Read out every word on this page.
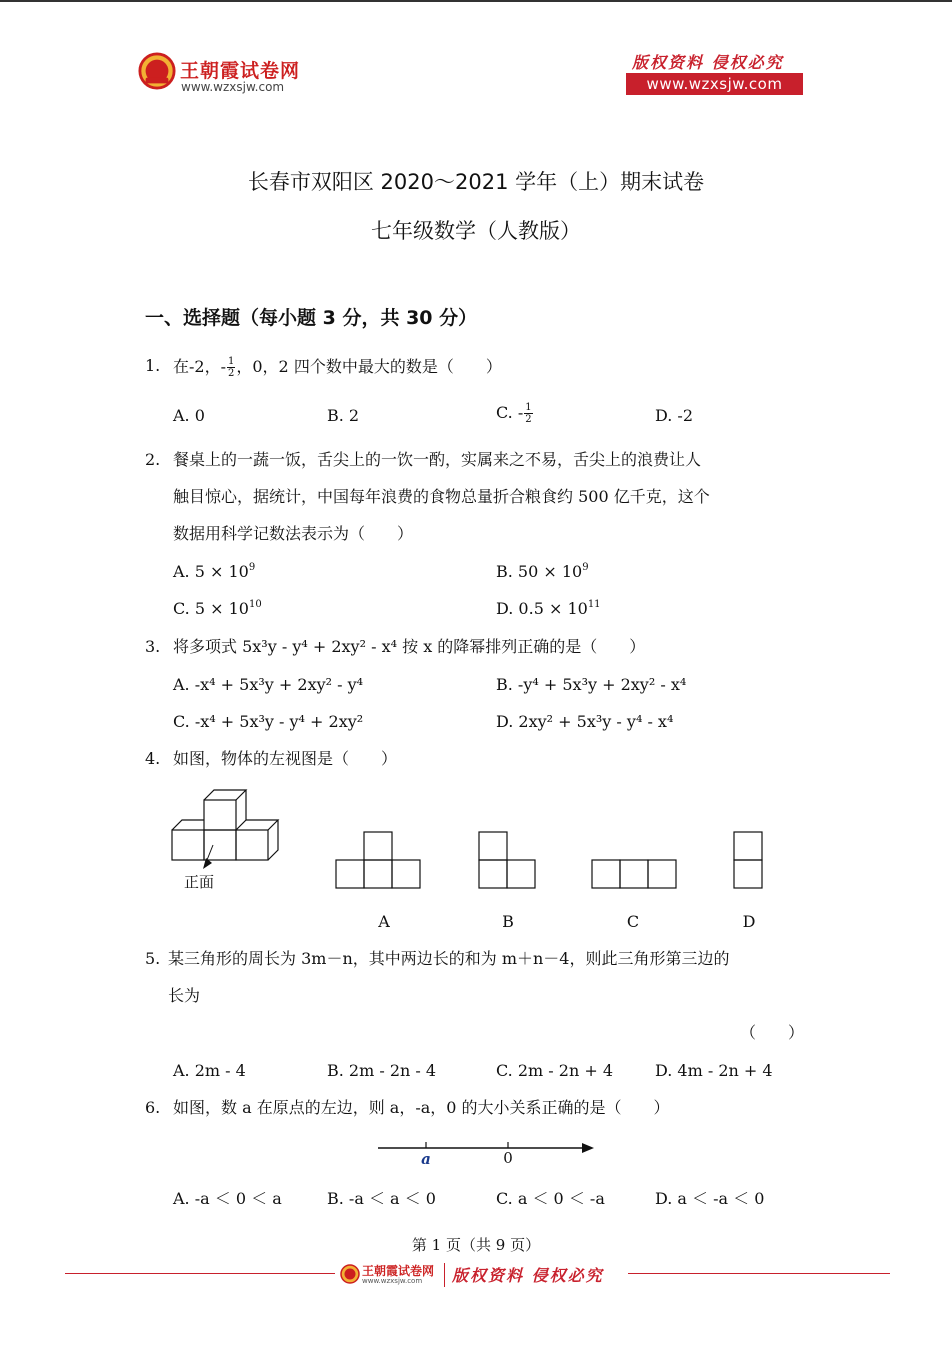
王朝霞试卷网
www.wzxsjw.com
版权资料 侵权必究
www.wzxsjw.com
长春市双阳区 2020～2021 学年（上）期末试卷
七年级数学（人教版）
一、选择题（每小题 3 分，共 30 分）
1. 在-2，- $\frac{1}{2}$ ，0，2 四个数中最大的数是（　　）
A. 0	B. 2	C. - $\frac{1}{2}$	D. -2
2. 餐桌上的一蔬一饭，舌尖上的一饮一酌，实属来之不易，舌尖上的浪费让人
触目惊心，据统计，中国每年浪费的食物总量折合粮食约 500 亿千克，这个
数据用科学记数法表示为（　　）
A. $5 \times 10^9$	B. $50 \times 10^9$
C. $5 \times 10^{10}$	D. $0.5 \times 10^{11}$
3. 将多项式 5x³y - y⁴ + 2xy² - x⁴ 按 x 的降幂排列正确的是（　　）
A. -x⁴ + 5x³y + 2xy² - y⁴	B. -y⁴ + 5x³y + 2xy² - x⁴
C. -x⁴ + 5x³y - y⁴ + 2xy²	D. 2xy² + 5x³y - y⁴ - x⁴
4. 如图，物体的左视图是（　　）
正面
A	B	C	D
5. 某三角形的周长为 3m－n，其中两边长的和为 m＋n－4，则此三角形第三边的
长为
（　　）
A. 2m - 4	B. 2m - 2n - 4	C. 2m - 2n + 4	D. 4m - 2n + 4
6. 如图，数 a 在原点的左边，则 a，-a，0 的大小关系正确的是（　　）
a	0
A. -a ＜ 0 ＜ a	B. -a ＜ a ＜ 0	C. a ＜ 0 ＜ -a	D. a ＜ -a ＜ 0
第 1 页（共 9 页）
王朝霞试卷网
www.wzxsjw.com 版权资料 侵权必究
